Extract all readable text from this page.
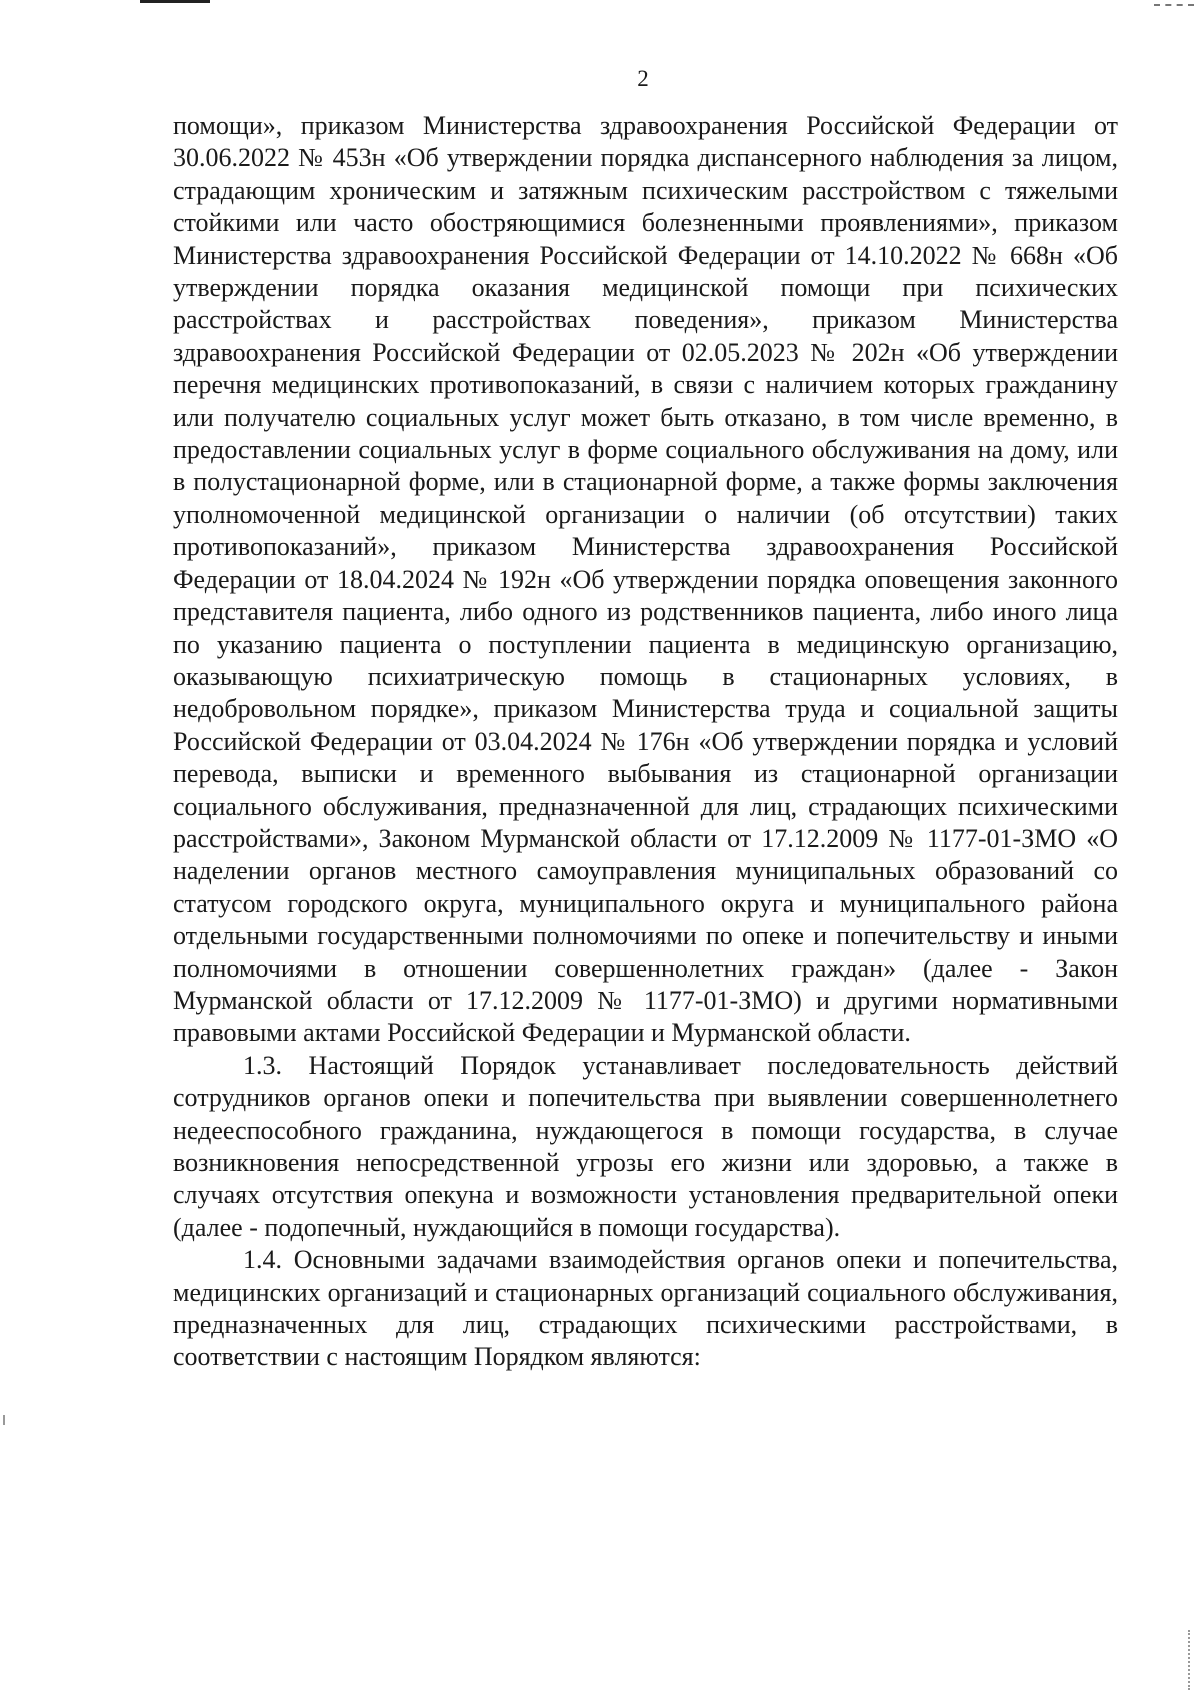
2

помощи», приказом Министерства здравоохранения Российской Федерации от 30.06.2022 № 453н «Об утверждении порядка диспансерного наблюдения за лицом, страдающим хроническим и затяжным психическим расстройством с тяжелыми стойкими или часто обостряющимися болезненными проявлениями», приказом Министерства здравоохранения Российской Федерации от 14.10.2022 № 668н «Об утверждении порядка оказания медицинской помощи при психических расстройствах и расстройствах поведения», приказом Министерства здравоохранения Российской Федерации от 02.05.2023 № 202н «Об утверждении перечня медицинских противопоказаний, в связи с наличием которых гражданину или получателю социальных услуг может быть отказано, в том числе временно, в предоставлении социальных услуг в форме социального обслуживания на дому, или в полустационарной форме, или в стационарной форме, а также формы заключения уполномоченной медицинской организации о наличии (об отсутствии) таких противопоказаний», приказом Министерства здравоохранения Российской Федерации от 18.04.2024 № 192н «Об утверждении порядка оповещения законного представителя пациента, либо одного из родственников пациента, либо иного лица по указанию пациента о поступлении пациента в медицинскую организацию, оказывающую психиатрическую помощь в стационарных условиях, в недобровольном порядке», приказом Министерства труда и социальной защиты Российской Федерации от 03.04.2024 № 176н «Об утверждении порядка и условий перевода, выписки и временного выбывания из стационарной организации социального обслуживания, предназначенной для лиц, страдающих психическими расстройствами», Законом Мурманской области от 17.12.2009 № 1177-01-ЗМО «О наделении органов местного самоуправления муниципальных образований со статусом городского округа, муниципального округа и муниципального района отдельными государственными полномочиями по опеке и попечительству и иными полномочиями в отношении совершеннолетних граждан» (далее - Закон Мурманской области от 17.12.2009 № 1177-01-ЗМО) и другими нормативными правовыми актами Российской Федерации и Мурманской области.

1.3. Настоящий Порядок устанавливает последовательность действий сотрудников органов опеки и попечительства при выявлении совершеннолетнего недееспособного гражданина, нуждающегося в помощи государства, в случае возникновения непосредственной угрозы его жизни или здоровью, а также в случаях отсутствия опекуна и возможности установления предварительной опеки (далее - подопечный, нуждающийся в помощи государства).

1.4. Основными задачами взаимодействия органов опеки и попечительства, медицинских организаций и стационарных организаций социального обслуживания, предназначенных для лиц, страдающих психическими расстройствами, в соответствии с настоящим Порядком являются:
